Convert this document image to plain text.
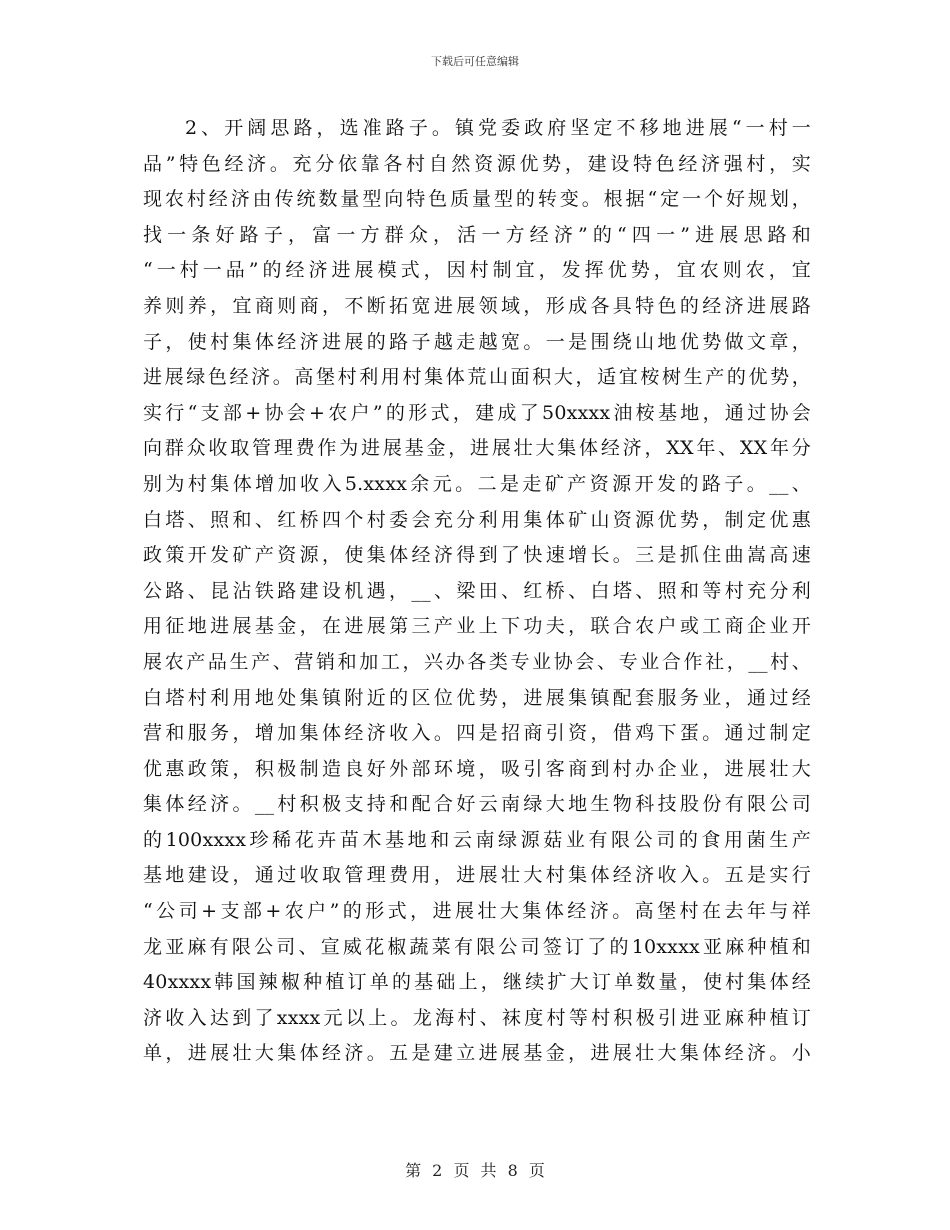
下载后可任意编辑
2、开阔思路，选准路子。镇党委政府坚定不移地进展“一村一
品”特色经济。充分依靠各村自然资源优势，建设特色经济强村，实
现农村经济由传统数量型向特色质量型的转变。根据“定一个好规划，
找一条好路子，富一方群众，活一方经济”的“四一”进展思路和
“一村一品”的经济进展模式，因村制宜，发挥优势，宜农则农，宜
养则养，宜商则商，不断拓宽进展领域，形成各具特色的经济进展路
子，使村集体经济进展的路子越走越宽。一是围绕山地优势做文章，
进展绿色经济。高堡村利用村集体荒山面积大，适宜桉树生产的优势，
实行“支部+协会+农户”的形式，建成了50xxxx油桉基地，通过协会
向群众收取管理费作为进展基金，进展壮大集体经济，XX年、XX年分
别为村集体增加收入5.xxxx余元。二是走矿产资源开发的路子。__、
白塔、照和、红桥四个村委会充分利用集体矿山资源优势，制定优惠
政策开发矿产资源，使集体经济得到了快速增长。三是抓住曲嵩高速
公路、昆沾铁路建设机遇，__、梁田、红桥、白塔、照和等村充分利
用征地进展基金，在进展第三产业上下功夫，联合农户或工商企业开
展农产品生产、营销和加工，兴办各类专业协会、专业合作社，__村、
白塔村利用地处集镇附近的区位优势，进展集镇配套服务业，通过经
营和服务，增加集体经济收入。四是招商引资，借鸡下蛋。通过制定
优惠政策，积极制造良好外部环境，吸引客商到村办企业，进展壮大
集体经济。__村积极支持和配合好云南绿大地生物科技股份有限公司
的100xxxx珍稀花卉苗木基地和云南绿源菇业有限公司的食用菌生产
基地建设，通过收取管理费用，进展壮大村集体经济收入。五是实行
“公司+支部+农户”的形式，进展壮大集体经济。高堡村在去年与祥
龙亚麻有限公司、宣威花椒蔬菜有限公司签订了的10xxxx亚麻种植和
40xxxx韩国辣椒种植订单的基础上，继续扩大订单数量，使村集体经
济收入达到了xxxx元以上。龙海村、袜度村等村积极引进亚麻种植订
单，进展壮大集体经济。五是建立进展基金，进展壮大集体经济。小
第 2 页 共 8 页
